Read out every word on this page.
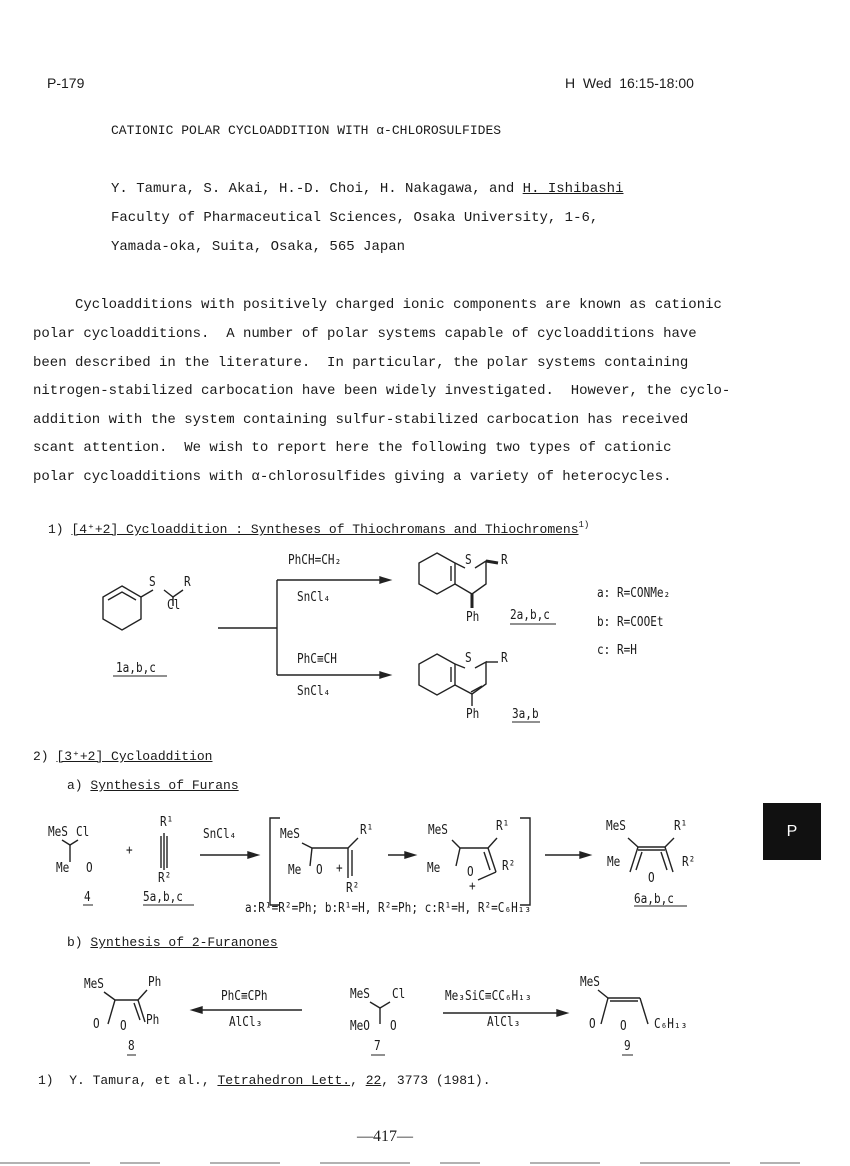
P-179	H  Wed  16:15-18:00
CATIONIC POLAR CYCLOADDITION WITH α-CHLOROSULFIDES
Y. Tamura, S. Akai, H.-D. Choi, H. Nakagawa, and H. Ishibashi
Faculty of Pharmaceutical Sciences, Osaka University, 1-6,
Yamada-oka, Suita, Osaka, 565 Japan
Cycloadditions with positively charged ionic components are known as cationic
polar cycloadditions.  A number of polar systems capable of cycloadditions have
been described in the literature.  In particular, the polar systems containing
nitrogen-stabilized carbocation have been widely investigated.  However, the cyclo-
addition with the system containing sulfur-stabilized carbocation has received
scant attention.  We wish to report here the following two types of cationic
polar cycloadditions with α-chlorosulfides giving a variety of heterocycles.
1) [4⁺+2] Cycloaddition : Syntheses of Thiochromans and Thiochromens$^{1)}$
S R
Cl
1a,b,c
PhCH=CH₂
SnCl₄
PhC≡CH
SnCl₄
S R
Ph 2a,b,c
S R
Ph	3a,b
a: R=CONMe₂
b: R=COOEt
c: R=H
2) [3⁺+2] Cycloaddition
a) Synthesis of Furans
MeS Cl
Me O
4
+
R¹
R²
5a,b,c
SnCl₄	MeS	R¹
Me O +
R²
MeS	R¹
Me O
+
R²
MeS	R¹
Me
O
R²
6a,b,c
a:R¹=R²=Ph; b:R¹=H, R²=Ph; c:R¹=H, R²=C₆H₁₃
b) Synthesis of 2-Furanones
MeS	Ph
O O Ph
8
PhC≡CPh
AlCl₃
MeS Cl
MeO O
7
Me₃SiC≡CC₆H₁₃
AlCl₃
MeS
O O C₆H₁₃
9
1) Y. Tamura, et al., Tetrahedron Lett., 22, 3773 (1981).
P
—417—
